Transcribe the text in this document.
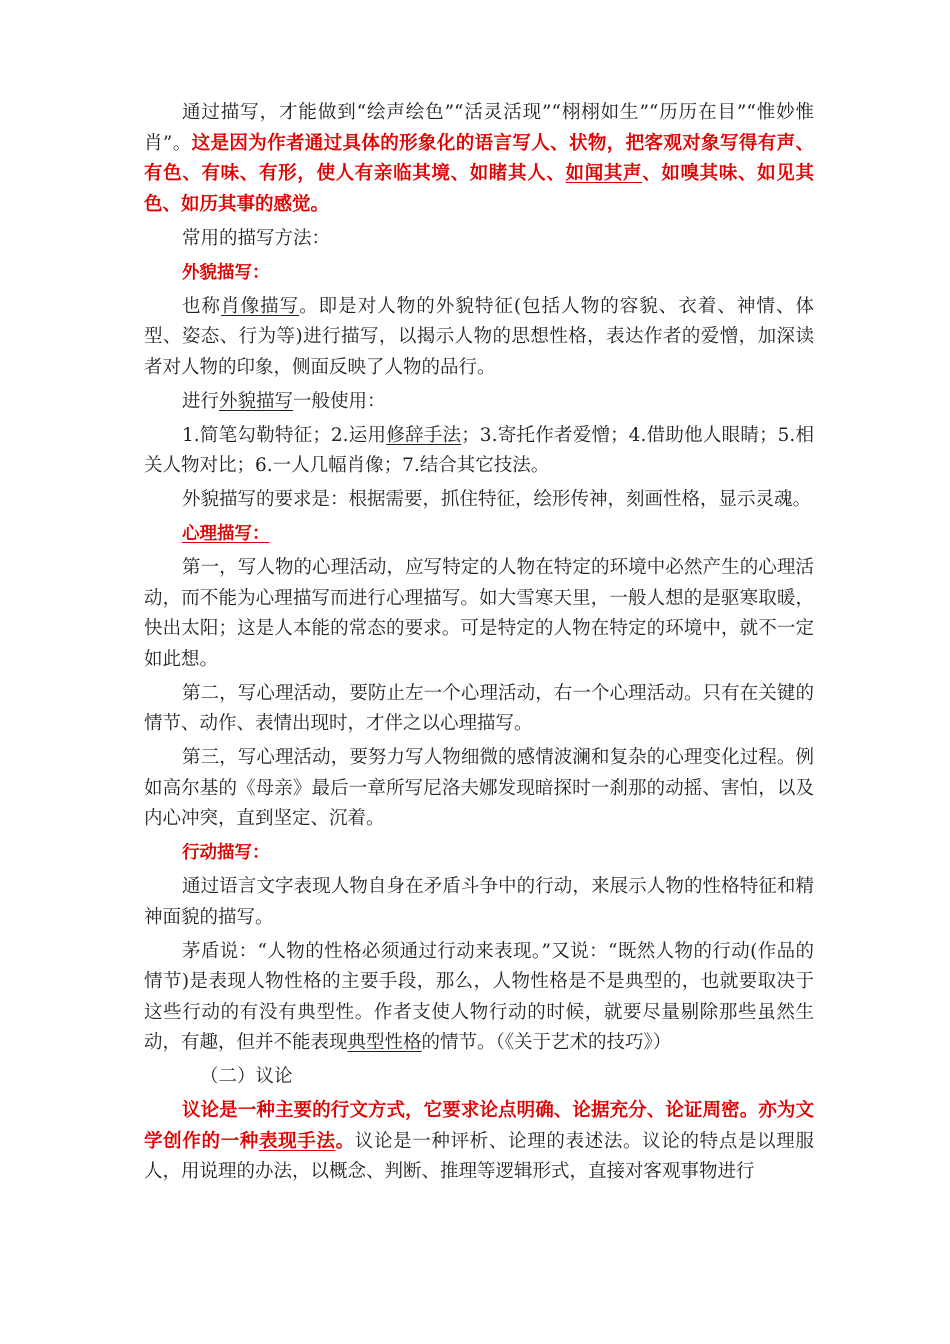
通过描写，才能做到“绘声绘色”“活灵活现”“栩栩如生”“历历在目”“惟妙惟肖”。这是因为作者通过具体的形象化的语言写人、状物，把客观对象写得有声、有色、有味、有形，使人有亲临其境、如睹其人、如闻其声、如嗅其味、如见其色、如历其事的感觉。

常用的描写方法：

外貌描写：

也称肖像描写。即是对人物的外貌特征(包括人物的容貌、衣着、神情、体型、姿态、行为等)进行描写，以揭示人物的思想性格，表达作者的爱憎，加深读者对人物的印象，侧面反映了人物的品行。

进行外貌描写一般使用：

1.简笔勾勒特征；2.运用修辞手法；3.寄托作者爱憎；4.借助他人眼睛；5.相关人物对比；6.一人几幅肖像；7.结合其它技法。

外貌描写的要求是：根据需要，抓住特征，绘形传神，刻画性格，显示灵魂。

心理描写：

第一，写人物的心理活动，应写特定的人物在特定的环境中必然产生的心理活动，而不能为心理描写而进行心理描写。如大雪寒天里，一般人想的是驱寒取暖，快出太阳；这是人本能的常态的要求。可是特定的人物在特定的环境中，就不一定如此想。

第二，写心理活动，要防止左一个心理活动，右一个心理活动。只有在关键的情节、动作、表情出现时，才伴之以心理描写。

第三，写心理活动，要努力写人物细微的感情波澜和复杂的心理变化过程。例如高尔基的《母亲》最后一章所写尼洛夫娜发现暗探时一刹那的动摇、害怕，以及内心冲突，直到坚定、沉着。

行动描写：

通过语言文字表现人物自身在矛盾斗争中的行动，来展示人物的性格特征和精神面貌的描写。

茅盾说：“人物的性格必须通过行动来表现。”又说：“既然人物的行动(作品的情节)是表现人物性格的主要手段，那么，人物性格是不是典型的，也就要取决于这些行动的有没有典型性。作者支使人物行动的时候，就要尽量剔除那些虽然生动，有趣，但并不能表现典型性格的情节。（《关于艺术的技巧》）

（二）议论

议论是一种主要的行文方式，它要求论点明确、论据充分、论证周密。亦为文学创作的一种表现手法。议论是一种评析、论理的表述法。议论的特点是以理服人，用说理的办法，以概念、判断、推理等逻辑形式，直接对客观事物进行
